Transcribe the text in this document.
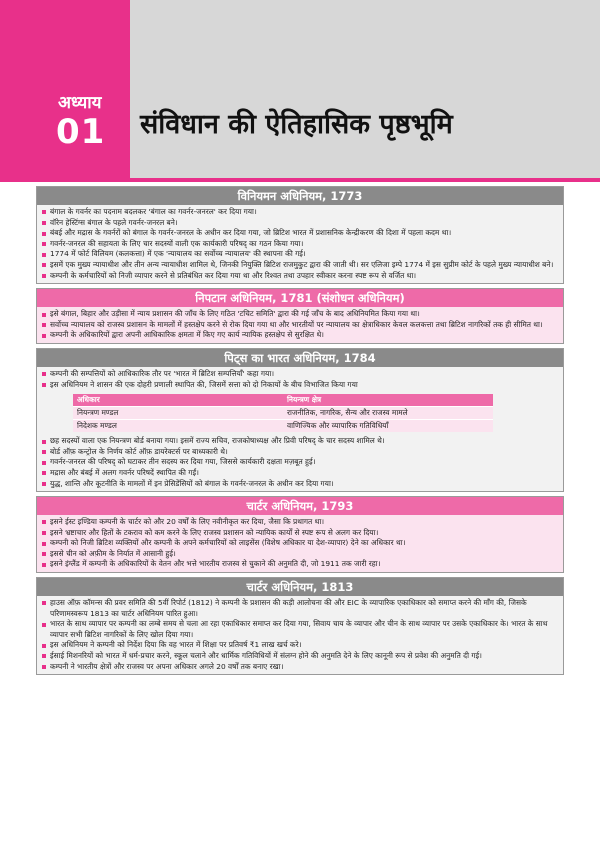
अध्याय
01	संविधान की ऐतिहासिक पृष्ठभूमि
विनियमन अधिनियम, 1773
बंगाल के गवर्नर का पदनाम बदलकर 'बंगाल का गवर्नर-जनरल' कर दिया गया।
वॉरेन हेस्टिंग्स बंगाल के पहले गवर्नर-जनरल बने।
बंबई और मद्रास के गवर्नरों को बंगाल के गवर्नर-जनरल के अधीन कर दिया गया, जो ब्रिटिश भारत में प्रशासनिक केन्द्रीकरण की दिशा में पहला कदम था।
गवर्नर-जनरल की सहायता के लिए चार सदस्यों वाली एक कार्यकारी परिषद् का गठन किया गया।
1774 में फोर्ट विलियम (कलकत्ता) में एक 'न्यायालय का सर्वोच्च न्यायालय' की स्थापना की गई।
इसमें एक मुख्य न्यायाधीश और तीन अन्य न्यायाधीश शामिल थे, जिनकी नियुक्ति ब्रिटिश राजमुकुट द्वारा की जाती थी। सर एलिजा इम्पे 1774 में इस सुप्रीम कोर्ट के पहले मुख्य न्यायाधीश बने।
कम्पनी के कर्मचारियों को निजी व्यापार करने से प्रतिबंधित कर दिया गया था और रिश्वत तथा उपहार स्वीकार करना स्पष्ट रूप से वर्जित था।
निपटान अधिनियम, 1781 (संशोधन अधिनियम)
इसे बंगाल, बिहार और उड़ीसा में न्याय प्रशासन की जाँच के लिए गठित 'टचिट समिति' द्वारा की गई जाँच के बाद अधिनियमित किया गया था।
सर्वोच्च न्यायालय को राजस्व प्रशासन के मामलों में हस्तक्षेप करने से रोक दिया गया था और भारतीयों पर न्यायालय का क्षेत्राधिकार केवल कलकत्ता तथा ब्रिटिश नागरिकों तक ही सीमित था।
कम्पनी के अधिकारियों द्वारा अपनी आधिकारिक क्षमता में किए गए कार्य न्यायिक हस्तक्षेप से सुरक्षित थे।
पिट्स का भारत अधिनियम, 1784
कम्पनी की सम्पत्तियों को आधिकारिक तौर पर 'भारत में ब्रिटिश सम्पत्तियाँ' कहा गया।
इस अधिनियम ने शासन की एक दोहरी प्रणाली स्थापित की, जिसमें सत्ता को दो निकायों के बीच विभाजित किया गया
अधिकार	नियन्त्रण क्षेत्र
नियन्त्रण मण्डल	राजनीतिक, नागरिक, सैन्य और राजस्व मामले
निदेशक मण्डल	वाणिज्यिक और व्यापारिक गतिविधियाँ
छह सदस्यों वाला एक नियन्त्रण बोर्ड बनाया गया। इसमें राज्य सचिव, राजकोषाध्यक्ष और प्रिवी परिषद् के चार सदस्य शामिल थे।
बोर्ड ऑफ़ कन्ट्रोल के निर्णय कोर्ट ऑफ़ डायरेक्टर्स पर बाध्यकारी थे।
गवर्नर-जनरल की परिषद् को घटाकर तीन सदस्य कर दिया गया, जिससे कार्यकारी दक्षता मज़बूत हुई।
मद्रास और बंबई में अलग गवर्नर परिषदें स्थापित की गईं।
युद्ध, शान्ति और कूटनीति के मामलों में इन प्रेसिडेंसियों को बंगाल के गवर्नर-जनरल के अधीन कर दिया गया।
चार्टर अधिनियम, 1793
इसने ईस्ट इण्डिया कम्पनी के चार्टर को और 20 वर्षों के लिए नवीनीकृत कर दिया, जैसा कि प्रथागत था।
इसने भ्रष्टाचार और हितों के टकराव को कम करने के लिए राजस्व प्रशासन को न्यायिक कार्यों से स्पष्ट रूप से अलग कर दिया।
कम्पनी को निजी ब्रिटिश व्यक्तियों और कम्पनी के अपने कर्मचारियों को लाइसेंस (विशेष अधिकार या देश-व्यापार) देने का अधिकार था।
इससे चीन को अफ़ीम के निर्यात में आसानी हुई।
इसने इंग्लैंड में कम्पनी के अधिकारियों के वेतन और भत्ते भारतीय राजस्व से चुकाने की अनुमति दी, जो 1911 तक जारी रहा।
चार्टर अधिनियम, 1813
हाउस ऑफ़ कॉमन्स की प्रवर समिति की 5वीं रिपोर्ट (1812) ने कम्पनी के प्रशासन की कड़ी आलोचना की और EIC के व्यापारिक एकाधिकार को समाप्त करने की माँग की, जिसके परिणामस्वरूप 1813 का चार्टर अधिनियम पारित हुआ।
भारत के साथ व्यापार पर कम्पनी का लम्बे समय से चला आ रहा एकाधिकार समाप्त कर दिया गया, सिवाय चाय के व्यापार और चीन के साथ व्यापार पर उसके एकाधिकार के। भारत के साथ व्यापार सभी ब्रिटिश नागरिकों के लिए खोल दिया गया।
इस अधिनियम ने कम्पनी को निर्देश दिया कि वह भारत में शिक्षा पर प्रतिवर्ष ₹1 लाख खर्च करे।
ईसाई मिशनरियों को भारत में धर्म-प्रचार करने, स्कूल चलाने और धार्मिक गतिविधियों में संलग्न होने की अनुमति देने के लिए कानूनी रूप से प्रवेश की अनुमति दी गई।
कम्पनी ने भारतीय क्षेत्रों और राजस्व पर अपना अधिकार अगले 20 वर्षों तक बनाए रखा।
